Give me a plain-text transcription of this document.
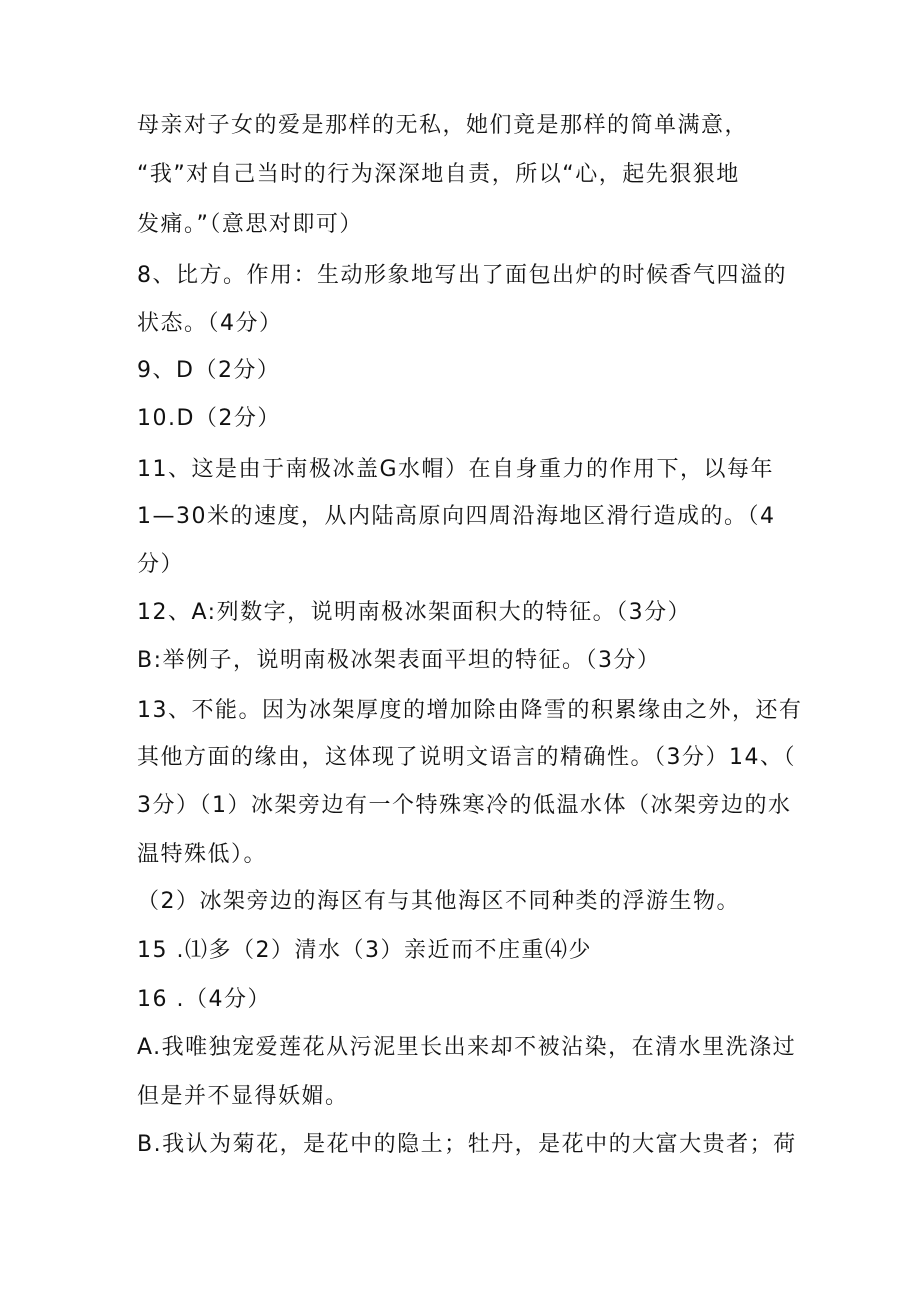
母亲对子女的爱是那样的无私，她们竟是那样的简单满意，
“我”对自己当时的行为深深地自责，所以“心，起先狠狠地
发痛。”（意思对即可）
8、比方。作用：生动形象地写出了面包出炉的时候香气四溢的
状态。（4分）
9、D（2分）
10.D（2分）
11、这是由于南极冰盖G水帽）在自身重力的作用下，以每年
1—30米的速度，从内陆高原向四周沿海地区滑行造成的。（4
分）
12、A:列数字，说明南极冰架面积大的特征。（3分）
B:举例子，说明南极冰架表面平坦的特征。（3分）
13、不能。因为冰架厚度的增加除由降雪的积累缘由之外，还有
其他方面的缘由，这体现了说明文语言的精确性。（3分）14、（
3分）（1）冰架旁边有一个特殊寒冷的低温水体（冰架旁边的水
温特殊低）。
（2）冰架旁边的海区有与其他海区不同种类的浮游生物。
15 .⑴多（2）清水（3）亲近而不庄重⑷少
16 .（4分）
A.我唯独宠爱莲花从污泥里长出来却不被沾染，在清水里洗涤过
但是并不显得妖媚。
B.我认为菊花，是花中的隐土；牡丹，是花中的大富大贵者；荷
